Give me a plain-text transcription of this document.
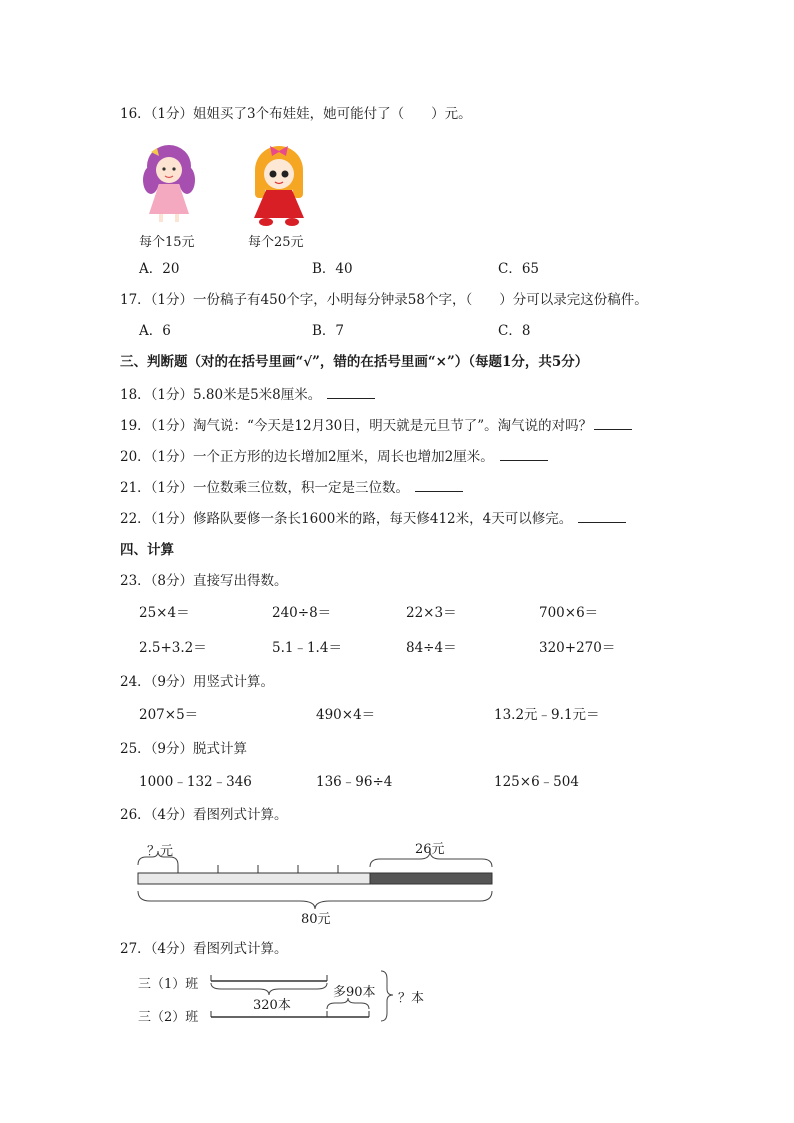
16．（1分）姐姐买了3个布娃娃，她可能付了（　　）元。
每个15元	每个25元
A．20	B．40	C．65
17．（1分）一份稿子有450个字，小明每分钟录58个字，（　　）分可以录完这份稿件。
A．6	B．7	C．8
三、判断题（对的在括号里画“√”，错的在括号里画“×”）（每题1分，共5分）
18．（1分）5.80米是5米8厘米。
19．（1分）淘气说：“今天是12月30日，明天就是元旦节了”。淘气说的对吗？
20．（1分）一个正方形的边长增加2厘米，周长也增加2厘米。
21．（1分）一位数乘三位数，积一定是三位数。
22．（1分）修路队要修一条长1600米的路，每天修412米，4天可以修完。
四、计算
23．（8分）直接写出得数。
25×4＝	240÷8＝	22×3＝	700×6＝
2.5+3.2＝	5.1﹣1.4＝	84÷4＝	320+270＝
24．（9分）用竖式计算。
207×5＝	490×4＝	13.2元﹣9.1元＝
25．（9分）脱式计算
1000﹣132﹣346	136﹣96÷4	125×6﹣504
26．（4分）看图列式计算。
？元	26元
80元
27．（4分）看图列式计算。
三（1）班
三（2）班
320本
多90本 ？本
